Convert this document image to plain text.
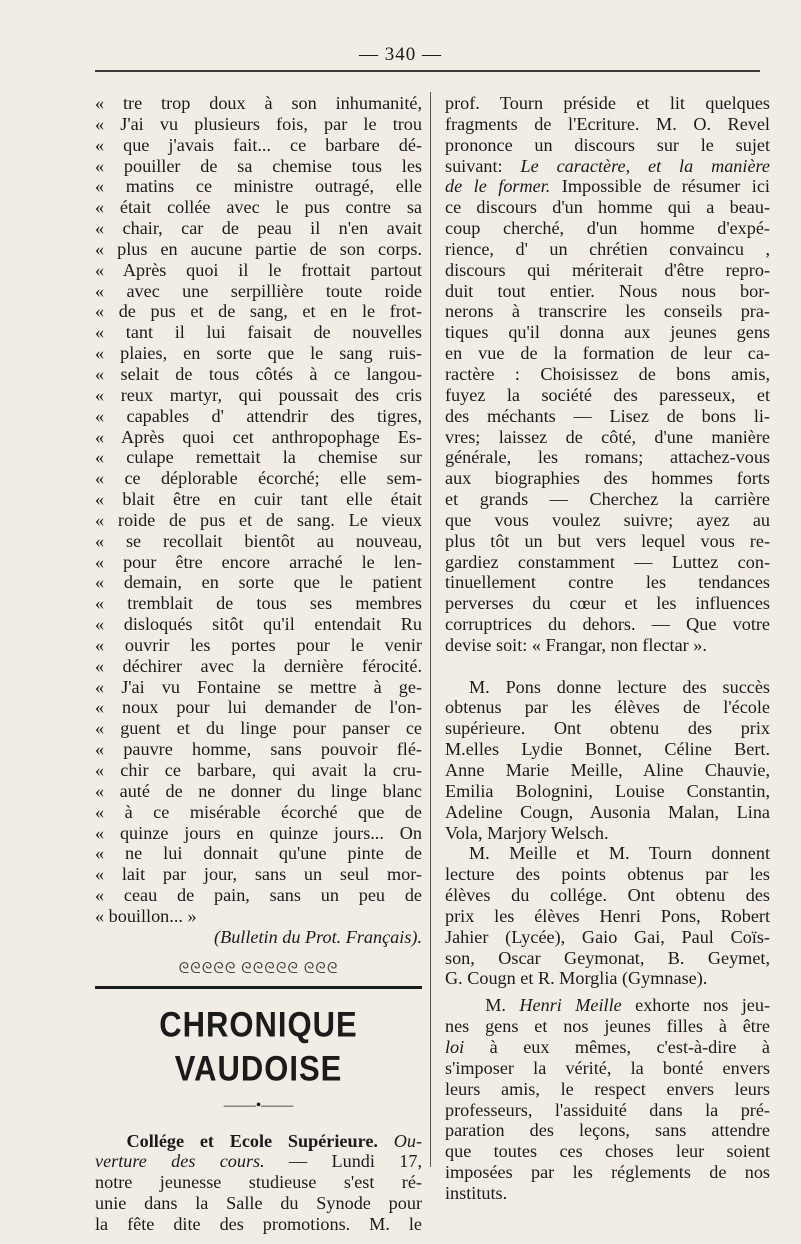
— 340 —
« tre trop doux à son inhumanité,
« J'ai vu plusieurs fois, par le trou
« que j'avais fait... ce barbare dé-
« pouiller de sa chemise tous les
« matins ce ministre outragé, elle
« était collée avec le pus contre sa
« chair, car de peau il n'en avait
« plus en aucune partie de son corps.
« Après quoi il le frottait partout
« avec une serpillière toute roide
« de pus et de sang, et en le frot-
« tant il lui faisait de nouvelles
« plaies, en sorte que le sang ruis-
« selait de tous côtés à ce langou-
« reux martyr, qui poussait des cris
« capables d' attendrir des tigres,
« Après quoi cet anthropophage Es-
« culape remettait la chemise sur
« ce déplorable écorché; elle sem-
« blait être en cuir tant elle était
« roide de pus et de sang. Le vieux
« se recollait bientôt au nouveau,
« pour être encore arraché le len-
« demain, en sorte que le patient
« tremblait de tous ses membres
« disloqués sitôt qu'il entendait Ru
« ouvrir les portes pour le venir
« déchirer avec la dernière férocité.
« J'ai vu Fontaine se mettre à ge-
« noux pour lui demander de l'on-
« guent et du linge pour panser ce
« pauvre homme, sans pouvoir flé-
« chir ce barbare, qui avait la cru-
« auté de ne donner du linge blanc
« à ce misérable écorché que de
« quinze jours en quinze jours... On
« ne lui donnait qu'une pinte de
« lait par jour, sans un seul mor-
« ceau de pain, sans un peu de
« bouillon... »
(Bulletin du Prot. Français).
ᘓᘓᘓᘓᘓ ᘓᘓᘓᘓᘓ ᘓᘓᘓ
CHRONIQUE VAUDOISE
——•——
Collége et Ecole Supérieure. Ou-
verture des cours. — Lundi 17,
notre jeunesse studieuse s'est ré-
unie dans la Salle du Synode pour
la fête dite des promotions. M. le
prof. Tourn préside et lit quelques
fragments de l'Ecriture. M. O. Revel
prononce un discours sur le sujet
suivant: Le caractère, et la manière
de le former. Impossible de résumer ici
ce discours d'un homme qui a beau-
coup cherché, d'un homme d'expé-
rience, d' un chrétien convaincu ,
discours qui mériterait d'être repro-
duit tout entier. Nous nous bor-
nerons à transcrire les conseils pra-
tiques qu'il donna aux jeunes gens
en vue de la formation de leur ca-
ractère : Choisissez de bons amis,
fuyez la société des paresseux, et
des méchants — Lisez de bons li-
vres; laissez de côté, d'une manière
générale, les romans; attachez-vous
aux biographies des hommes forts
et grands — Cherchez la carrière
que vous voulez suivre; ayez au
plus tôt un but vers lequel vous re-
gardiez constamment — Luttez con-
tinuellement contre les tendances
perverses du cœur et les influences
corruptrices du dehors. — Que votre
devise soit: « Frangar, non flectar ».

M. Pons donne lecture des succès
obtenus par les élèves de l'école
supérieure. Ont obtenu des prix
M.elles Lydie Bonnet, Céline Bert.
Anne Marie Meille, Aline Chauvie,
Emilia Bolognini, Louise Constantin,
Adeline Cougn, Ausonia Malan, Lina
Vola, Marjory Welsch.
M. Meille et M. Tourn donnent
lecture des points obtenus par les
élèves du collége. Ont obtenu des
prix les élèves Henri Pons, Robert
Jahier (Lycée), Gaio Gai, Paul Coïs-
son, Oscar Geymonat, B. Geymet,
G. Cougn et R. Morglia (Gymnase).
M. Henri Meille exhorte nos jeu-
nes gens et nos jeunes filles à être
loi à eux mêmes, c'est-à-dire à
s'imposer la vérité, la bonté envers
leurs amis, le respect envers leurs
professeurs, l'assiduité dans la pré-
paration des leçons, sans attendre
que toutes ces choses leur soient
imposées par les réglements de nos
instituts.
